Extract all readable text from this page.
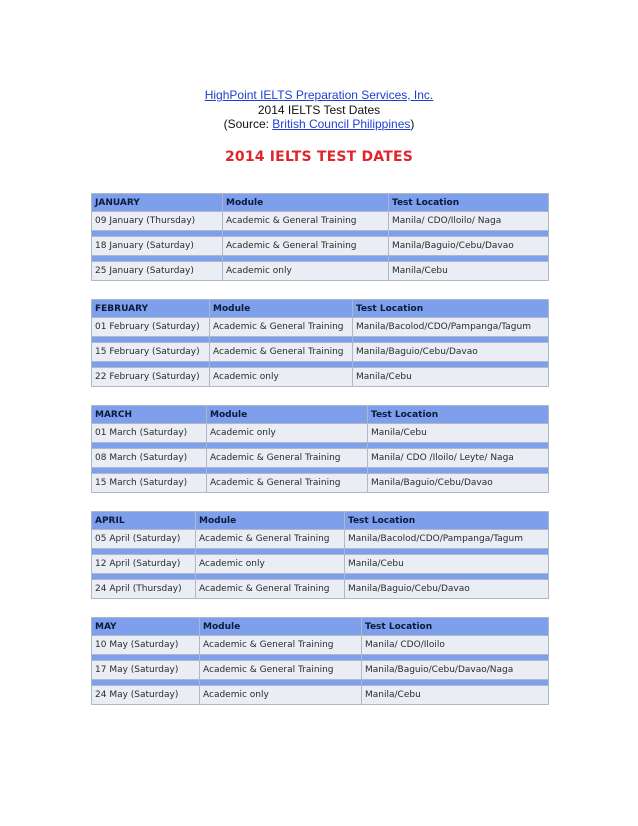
HighPoint IELTS Preparation Services, Inc.
2014 IELTS Test Dates
(Source: British Council Philippines)
2014 IELTS TEST DATES
JANUARY	Module	Test Location
09 January (Thursday)	Academic & General Training	Manila/ CDO/Iloilo/ Naga

18 January (Saturday)	Academic & General Training	Manila/Baguio/Cebu/Davao

25 January (Saturday)	Academic only	Manila/Cebu
FEBRUARY	Module	Test Location
01 February (Saturday)	Academic & General Training	Manila/Bacolod/CDO/Pampanga/Tagum

15 February (Saturday)	Academic & General Training	Manila/Baguio/Cebu/Davao

22 February (Saturday)	Academic only	Manila/Cebu
MARCH	Module	Test Location
01 March (Saturday)	Academic only	Manila/Cebu

08 March (Saturday)	Academic & General Training	Manila/ CDO /Iloilo/ Leyte/ Naga

15 March (Saturday)	Academic & General Training	Manila/Baguio/Cebu/Davao
APRIL	Module	Test Location
05 April (Saturday)	Academic & General Training	Manila/Bacolod/CDO/Pampanga/Tagum

12 April (Saturday)	Academic only	Manila/Cebu

24 April (Thursday)	Academic & General Training	Manila/Baguio/Cebu/Davao
MAY	Module	Test Location
10 May (Saturday)	Academic & General Training	Manila/ CDO/Iloilo

17 May (Saturday)	Academic & General Training	Manila/Baguio/Cebu/Davao/Naga

24 May (Saturday)	Academic only	Manila/Cebu
